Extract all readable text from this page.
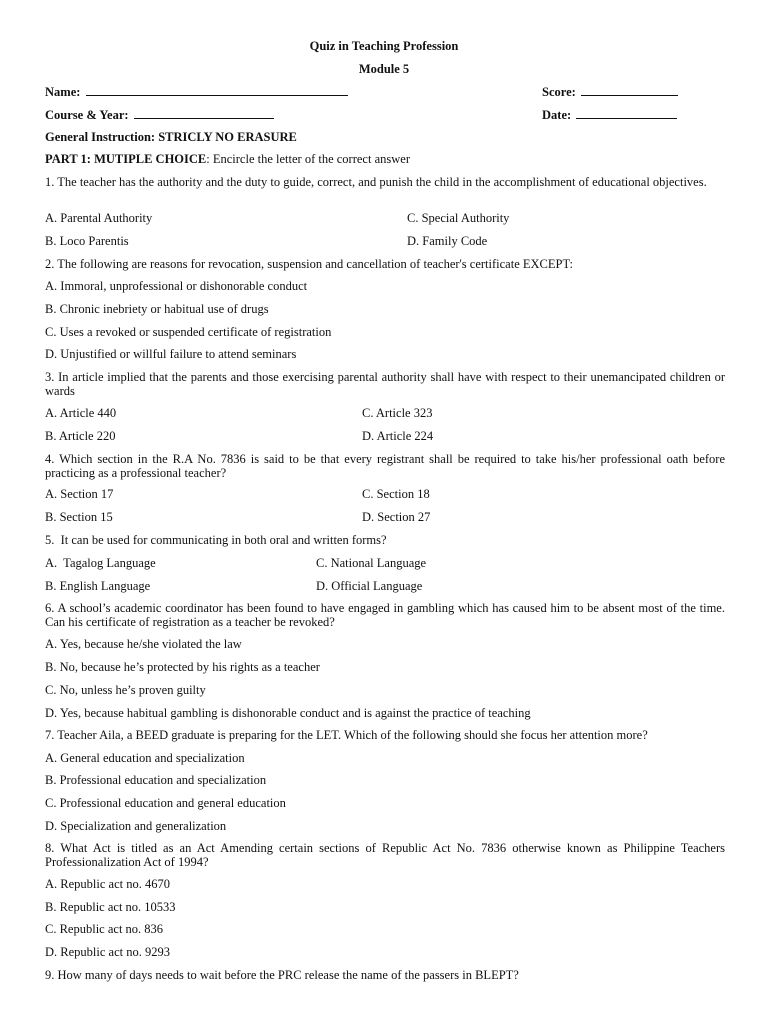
Quiz in Teaching Profession
Module 5
Name:	Score:
Course & Year:	Date:
General Instruction: STRICLY NO ERASURE
PART 1: MUTIPLE CHOICE: Encircle the letter of the correct answer
1. The teacher has the authority and the duty to guide, correct, and punish the child in the accomplishment of educational objectives.
A. Parental Authority	C. Special Authority
B. Loco Parentis	D. Family Code
2. The following are reasons for revocation, suspension and cancellation of teacher's certificate EXCEPT:
A. Immoral, unprofessional or dishonorable conduct
B. Chronic inebriety or habitual use of drugs
C. Uses a revoked or suspended certificate of registration
D. Unjustified or willful failure to attend seminars
3. In article implied that the parents and those exercising parental authority shall have with respect to their unemancipated children or wards
A. Article 440	C. Article 323
B. Article 220	D. Article 224
4. Which section in the R.A No. 7836 is said to be that every registrant shall be required to take his/her professional oath before practicing as a professional teacher?
A. Section 17	C. Section 18
B. Section 15	D. Section 27
5.  It can be used for communicating in both oral and written forms?
A.  Tagalog Language	C. National Language
B. English Language	D. Official Language
6. A school’s academic coordinator has been found to have engaged in gambling which has caused him to be absent most of the time. Can his certificate of registration as a teacher be revoked?
A. Yes, because he/she violated the law
B. No, because he’s protected by his rights as a teacher
C. No, unless he’s proven guilty
D. Yes, because habitual gambling is dishonorable conduct and is against the practice of teaching
7. Teacher Aila, a BEED graduate is preparing for the LET. Which of the following should she focus her attention more?
A. General education and specialization
B. Professional education and specialization
C. Professional education and general education
D. Specialization and generalization
8. What Act is titled as an Act Amending certain sections of Republic Act No. 7836 otherwise known as Philippine Teachers Professionalization Act of 1994?
A. Republic act no. 4670
B. Republic act no. 10533
C. Republic act no. 836
D. Republic act no. 9293
9. How many of days needs to wait before the PRC release the name of the passers in BLEPT?
